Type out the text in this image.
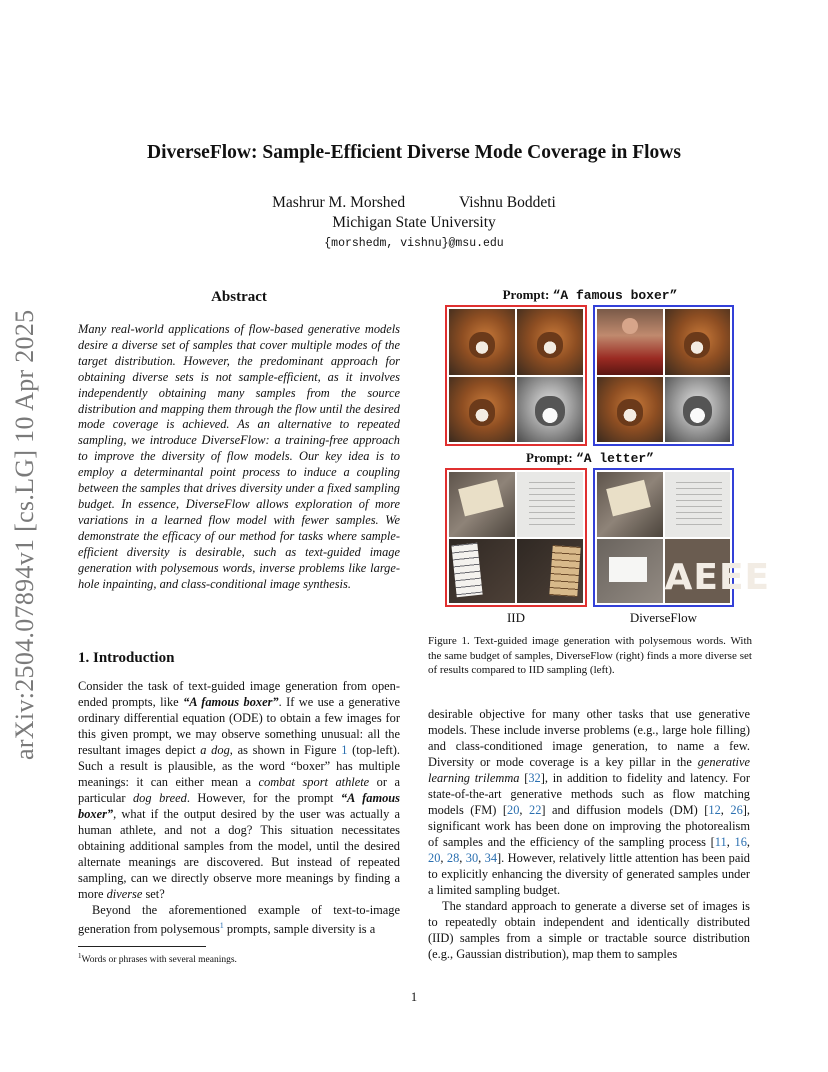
DiverseFlow: Sample-Efficient Diverse Mode Coverage in Flows
Mashrur M. Morshed	Vishnu Boddeti
Michigan State University
{morshedm, vishnu}@msu.edu
arXiv:2504.07894v1 [cs.LG] 10 Apr 2025
Abstract
Many real-world applications of flow-based generative models desire a diverse set of samples that cover multiple modes of the target distribution. However, the predominant approach for obtaining diverse sets is not sample-efficient, as it involves independently obtaining many samples from the source distribution and mapping them through the flow until the desired mode coverage is achieved. As an alternative to repeated sampling, we introduce DiverseFlow: a training-free approach to improve the diversity of flow models. Our key idea is to employ a determinantal point process to induce a coupling between the samples that drives diversity under a fixed sampling budget. In essence, DiverseFlow allows exploration of more variations in a learned flow model with fewer samples. We demonstrate the efficacy of our method for tasks where sample-efficient diversity is desirable, such as text-guided image generation with polysemous words, inverse problems like large-hole inpainting, and class-conditional image synthesis.
1. Introduction

Consider the task of text-guided image generation from open-ended prompts, like “A famous boxer”. If we use a generative ordinary differential equation (ODE) to obtain a few images for this given prompt, we may observe something unusual: all the resultant images depict a dog, as shown in Figure 1 (top-left). Such a result is plausible, as the word “boxer” has multiple meanings: it can either mean a combat sport athlete or a particular dog breed. However, for the prompt “A famous boxer”, what if the output desired by the user was actually a human athlete, and not a dog? This situation necessitates obtaining additional samples from the model, until the desired alternate meanings are discovered. But instead of repeated sampling, can we directly observe more meanings by finding a more diverse set?

Beyond the aforementioned example of text-to-image generation from polysemous$^1$ prompts, sample diversity is a

$^1$Words or phrases with several meanings.

desirable objective for many other tasks that use generative models. These include inverse problems (e.g., large hole filling) and class-conditioned image generation, to name a few. Diversity or mode coverage is a key pillar in the generative learning trilemma [32], in addition to fidelity and latency. For state-of-the-art generative methods such as flow matching models (FM) [20, 22] and diffusion models (DM) [12, 26], significant work has been done on improving the photorealism of samples and the efficiency of the sampling process [11, 16, 20, 28, 30, 34]. However, relatively little attention has been paid to explicitly enhancing the diversity of generated samples under a limited sampling budget.

The standard approach to generate a diverse set of images is to repeatedly obtain independent and identically distributed (IID) samples from a simple or tractable source distribution (e.g., Gaussian distribution), map them to samples

Prompt: “A famous boxer”
Prompt: “A letter”
AEEE
IID	DiverseFlow
Figure 1. Text-guided image generation with polysemous words. With the same budget of samples, DiverseFlow (right) finds a more diverse set of results compared to IID sampling (left).
1
